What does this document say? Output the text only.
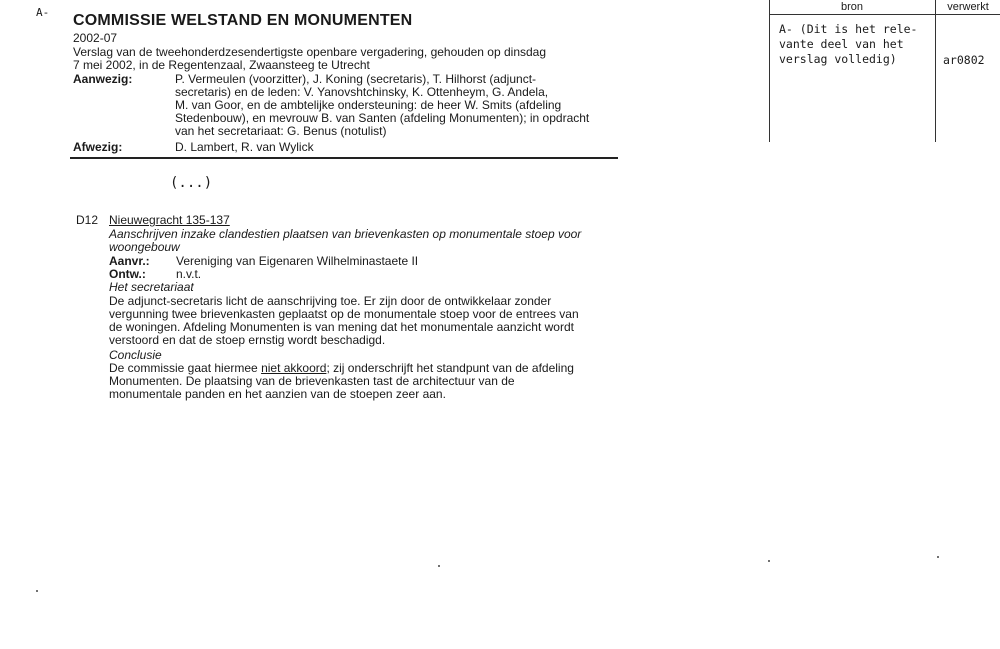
A- COMMISSIE WELSTAND EN MONUMENTEN
2002-07
Verslag van de tweehonderdzesendertigste openbare vergadering, gehouden op dinsdag
7 mei 2002, in de Regentenzaal, Zwaansteeg te Utrecht
Aanwezig:	P. Vermeulen (voorzitter), J. Koning (secretaris), T. Hilhorst (adjunct-
secretaris) en de leden: V. Yanovshtchinsky, K. Ottenheym, G. Andela,
M. van Goor, en de ambtelijke ondersteuning: de heer W. Smits (afdeling
Stedenbouw), en mevrouw B. van Santen (afdeling Monumenten); in opdracht
van het secretariaat: G. Benus (notulist)
Afwezig:	D. Lambert, R. van Wylick
(...)
D12 Nieuwegracht 135-137
Aanschrijven inzake clandestien plaatsen van brievenkasten op monumentale stoep voor
woongebouw
Aanvr.: Vereniging van Eigenaren Wilhelminastaete II
Ontw.:	n.v.t.
Het secretariaat
De adjunct-secretaris licht de aanschrijving toe. Er zijn door de ontwikkelaar zonder
vergunning twee brievenkasten geplaatst op de monumentale stoep voor de entrees van
de woningen. Afdeling Monumenten is van mening dat het monumentale aanzicht wordt
verstoord en dat de stoep ernstig wordt beschadigd.
Conclusie
De commissie gaat hiermee niet akkoord; zij onderschrijft het standpunt van de afdeling
Monumenten. De plaatsing van de brievenkasten tast de architectuur van de
monumentale panden en het aanzien van de stoepen zeer aan.
bron	verwerkt
A- (Dit is het rele-
vante deel van het
verslag volledig)	ar0802
